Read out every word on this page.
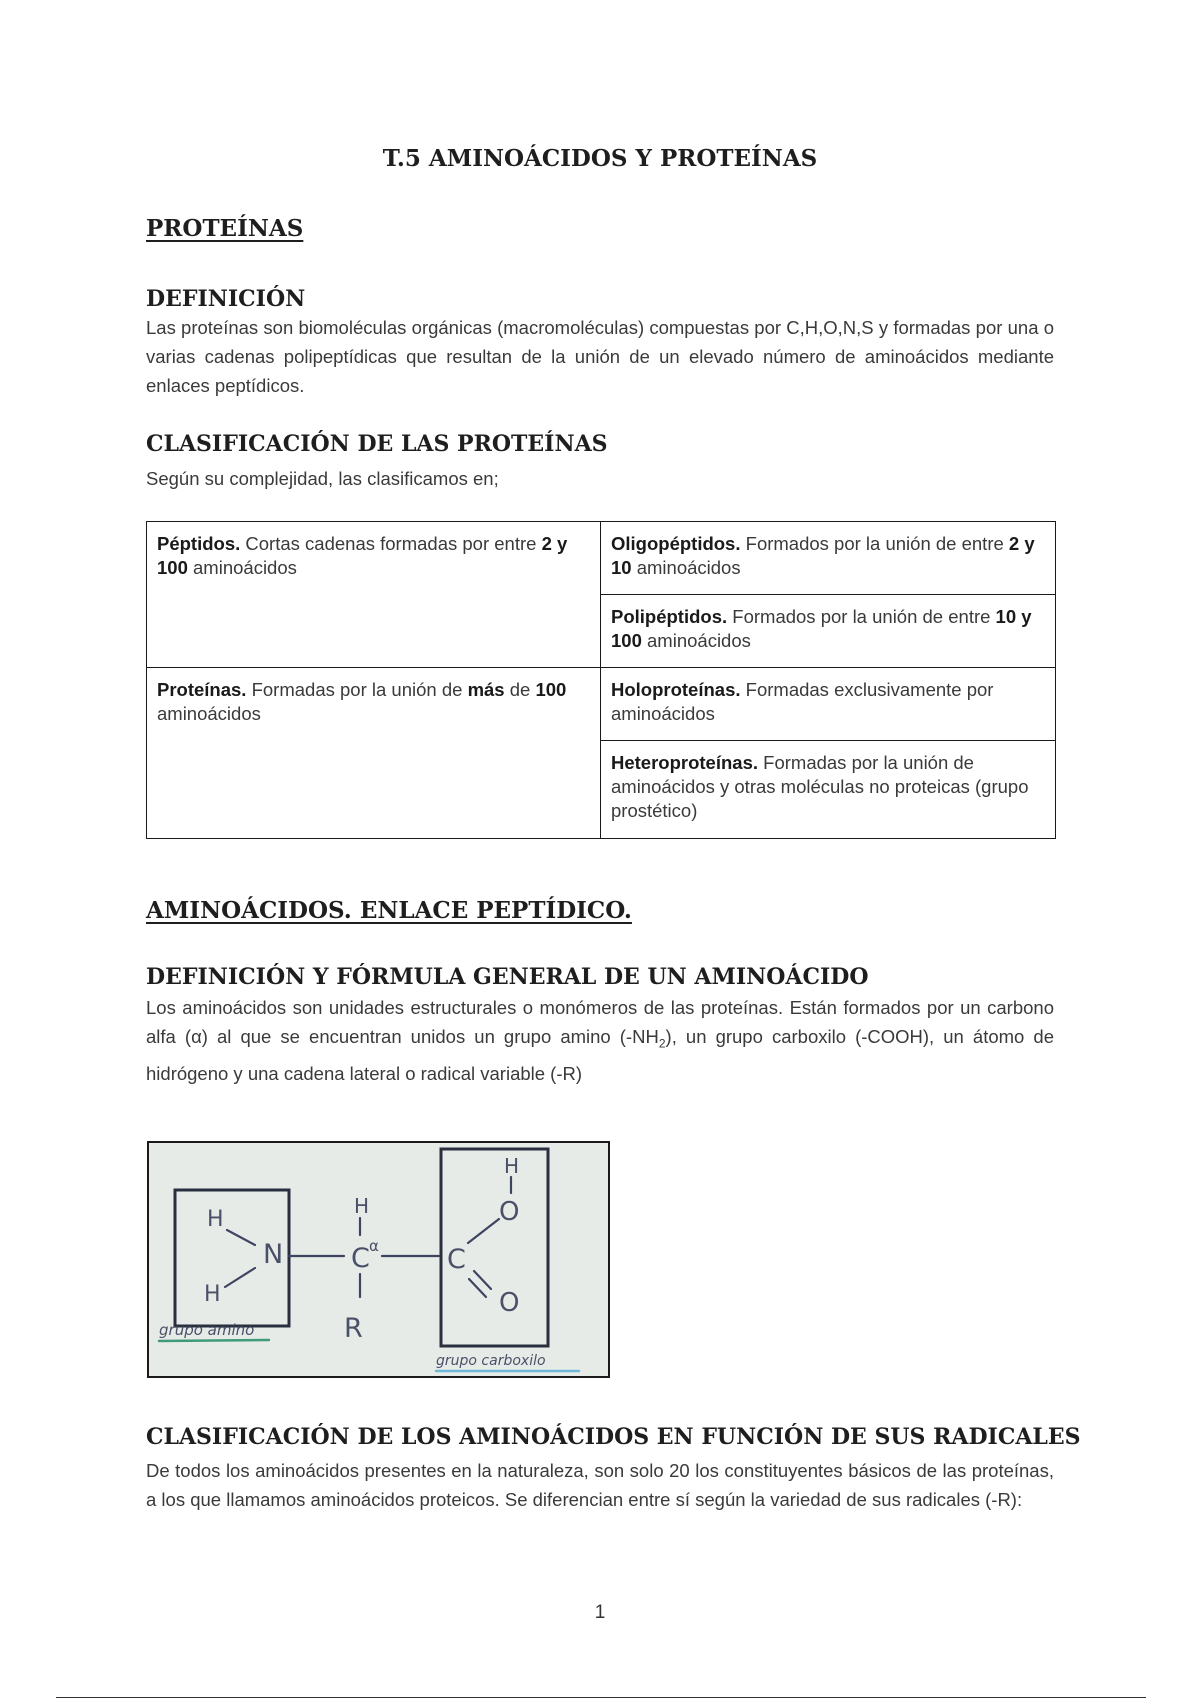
T.5 AMINOÁCIDOS Y PROTEÍNAS
PROTEÍNAS
DEFINICIÓN
Las proteínas son biomoléculas orgánicas (macromoléculas) compuestas por C,H,O,N,S y formadas por una o varias cadenas polipeptídicas que resultan de la unión de un elevado número de aminoácidos mediante enlaces peptídicos.
CLASIFICACIÓN DE LAS PROTEÍNAS
Según su complejidad, las clasificamos en;
Péptidos. Cortas cadenas formadas por entre 2 y 100 aminoácidos	Oligopéptidos. Formados por la unión de entre 2 y 10 aminoácidos
	Polipéptidos. Formados por la unión de entre 10 y 100 aminoácidos
Proteínas. Formadas por la unión de más de 100 aminoácidos	Holoproteínas. Formadas exclusivamente por aminoácidos
	Heteroproteínas. Formadas por la unión de aminoácidos y otras moléculas no proteicas (grupo prostético)
AMINOÁCIDOS. ENLACE PEPTÍDICO.
DEFINICIÓN Y FÓRMULA GENERAL DE UN AMINOÁCIDO
Los aminoácidos son unidades estructurales o monómeros de las proteínas. Están formados por un carbono alfa (α) al que se encuentran unidos un grupo amino $(-NH_2)$, un grupo carboxilo (-COOH), un átomo de hidrógeno y una cadena lateral o radical variable (-R)
H
H
N
H
C α
R
C
H
O
O
grupo amino
grupo carboxilo
CLASIFICACIÓN DE LOS AMINOÁCIDOS EN FUNCIÓN DE SUS RADICALES
De todos los aminoácidos presentes en la naturaleza, son solo 20 los constituyentes básicos de las proteínas, a los que llamamos aminoácidos proteicos. Se diferencian entre sí según la variedad de sus radicales (-R):
1
